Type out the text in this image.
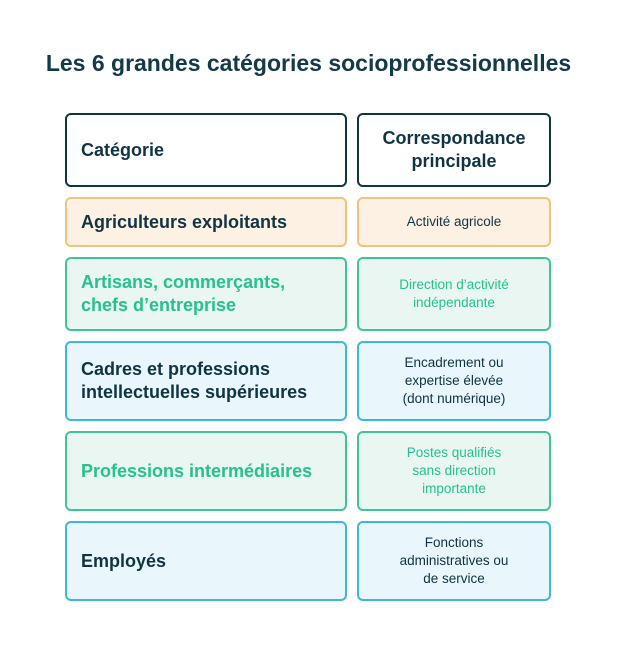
Les 6 grandes catégories socioprofessionnelles
Catégorie
Correspondance
principale
Agriculteurs exploitants	Activité agricole
Artisans, commerçants,
chefs d’entreprise
Direction d’activité
indépendante
Cadres et professions
intellectuelles supérieures
Encadrement ou
expertise élevée
(dont numérique)
Professions intermédiaires
Postes qualifiés
sans direction
importante
Employés
Fonctions
administratives ou
de service
